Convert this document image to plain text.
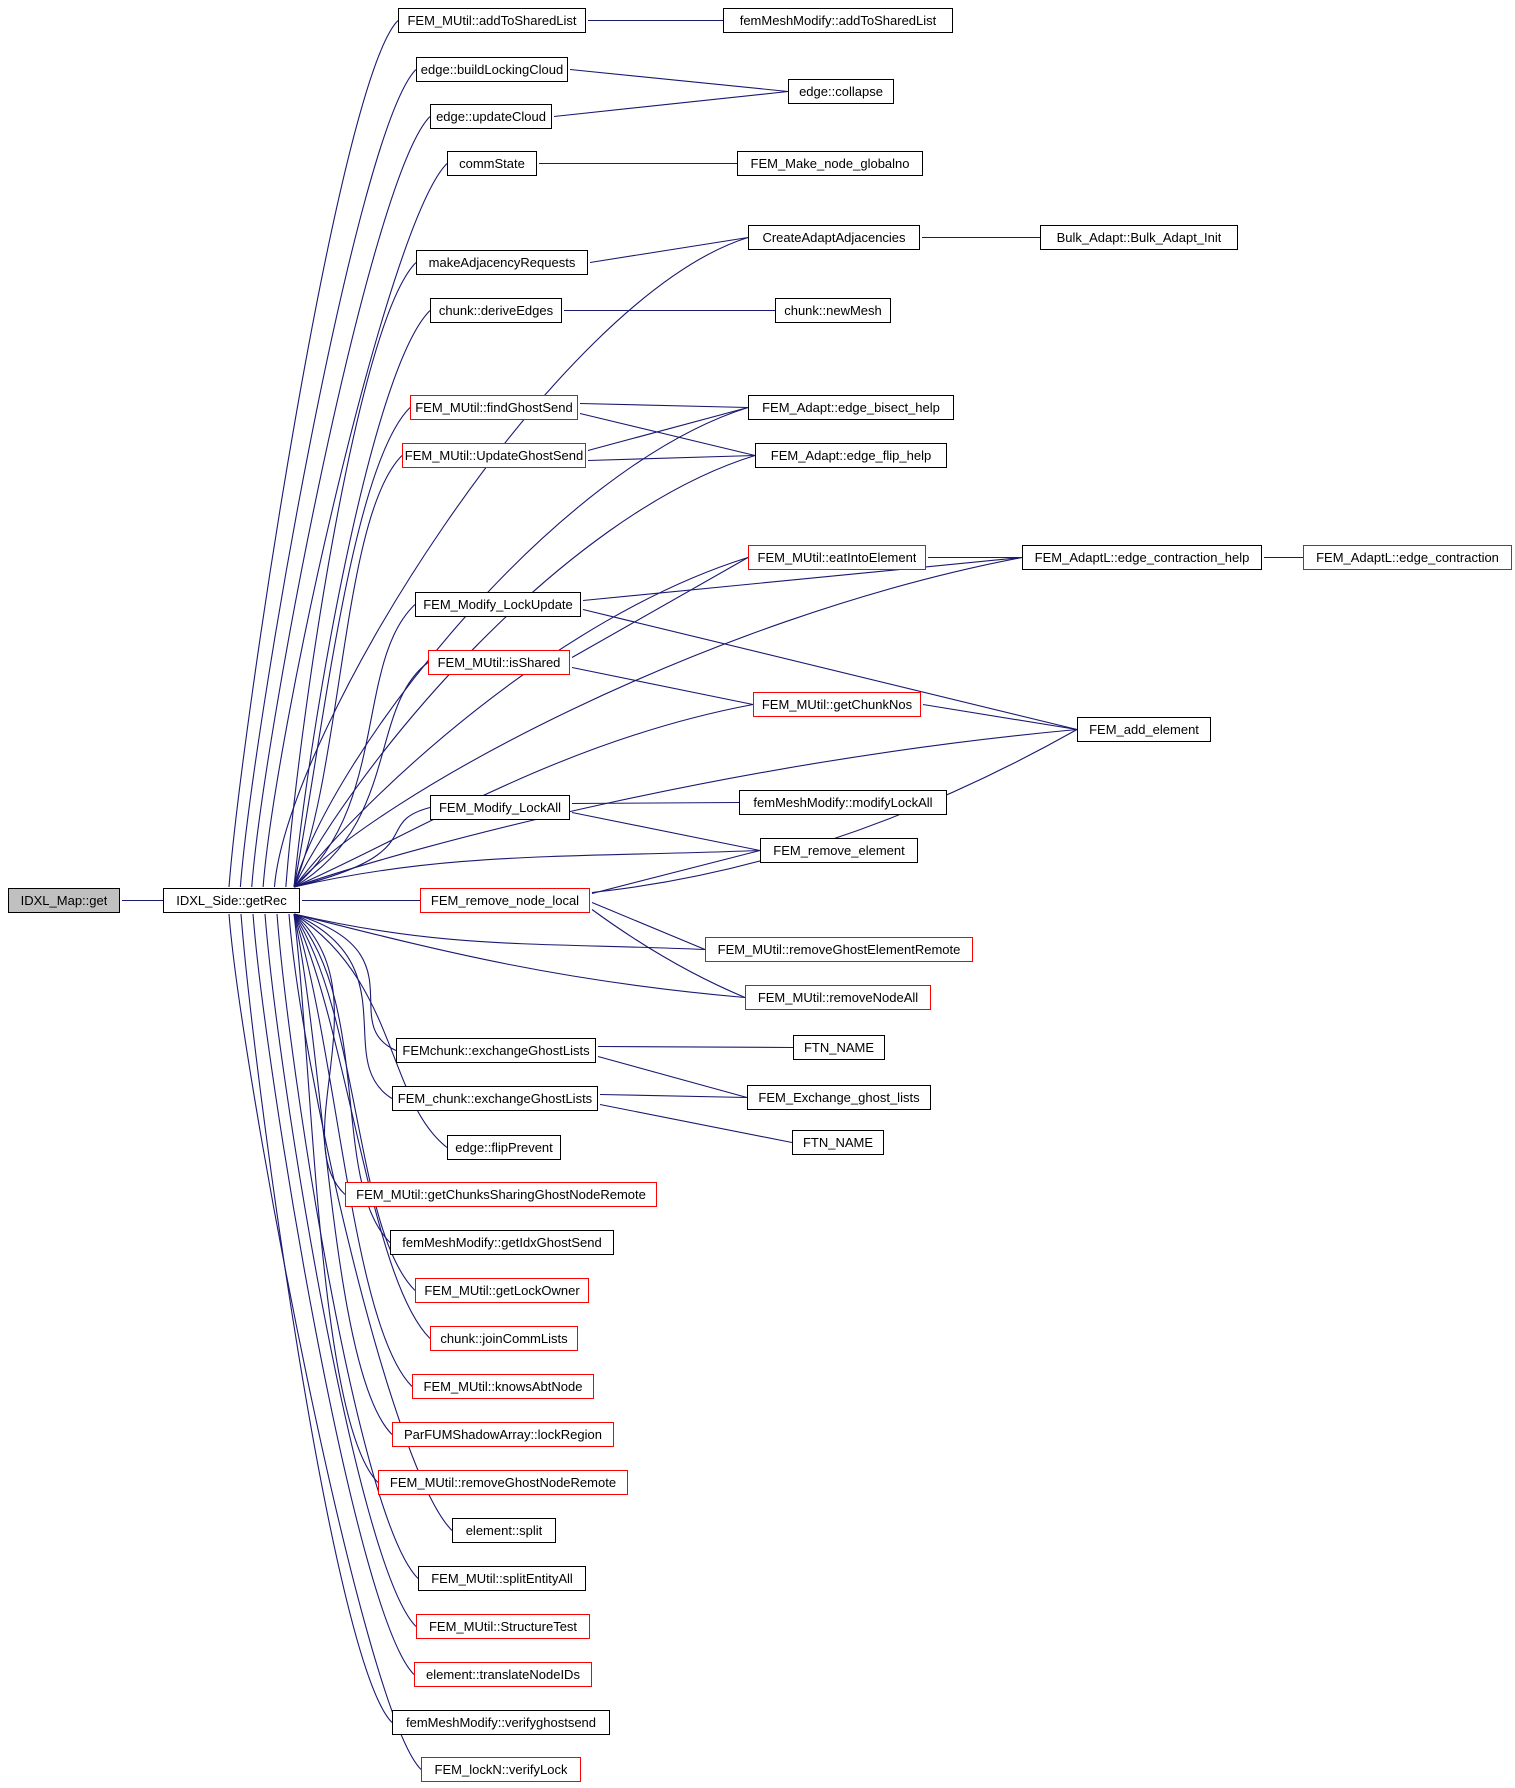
IDXL_Map::get	IDXL_Side::getRec
FEM_MUtil::addToSharedList
edge::buildLockingCloud
edge::updateCloud
commState
makeAdjacencyRequests
chunk::deriveEdges
FEM_MUtil::findGhostSend
FEM_MUtil::UpdateGhostSend
FEM_MUtil::eatIntoElement
FEM_Modify_LockUpdate
FEM_MUtil::isShared
FEM_MUtil::getChunkNos
FEM_Modify_LockAll
FEM_remove_node_local
FEMchunk::exchangeGhostLists
FEM_chunk::exchangeGhostLists
edge::flipPrevent
FEM_MUtil::getChunksSharingGhostNodeRemote
femMeshModify::getIdxGhostSend
FEM_MUtil::getLockOwner
chunk::joinCommLists
FEM_MUtil::knowsAbtNode
ParFUMShadowArray::lockRegion
FEM_MUtil::removeGhostNodeRemote
element::split
FEM_MUtil::splitEntityAll
FEM_MUtil::StructureTest
element::translateNodeIDs
femMeshModify::verifyghostsend
FEM_lockN::verifyLock
femMeshModify::addToSharedList
edge::collapse
FEM_Make_node_globalno
CreateAdaptAdjacencies	Bulk_Adapt::Bulk_Adapt_Init
chunk::newMesh
FEM_Adapt::edge_bisect_help
FEM_Adapt::edge_flip_help
FEM_AdaptL::edge_contraction_help	FEM_AdaptL::edge_contraction
FEM_add_element
femMeshModify::modifyLockAll
FEM_remove_element
FEM_MUtil::removeGhostElementRemote
FEM_MUtil::removeNodeAll
FTN_NAME
FEM_Exchange_ghost_lists
FTN_NAME
